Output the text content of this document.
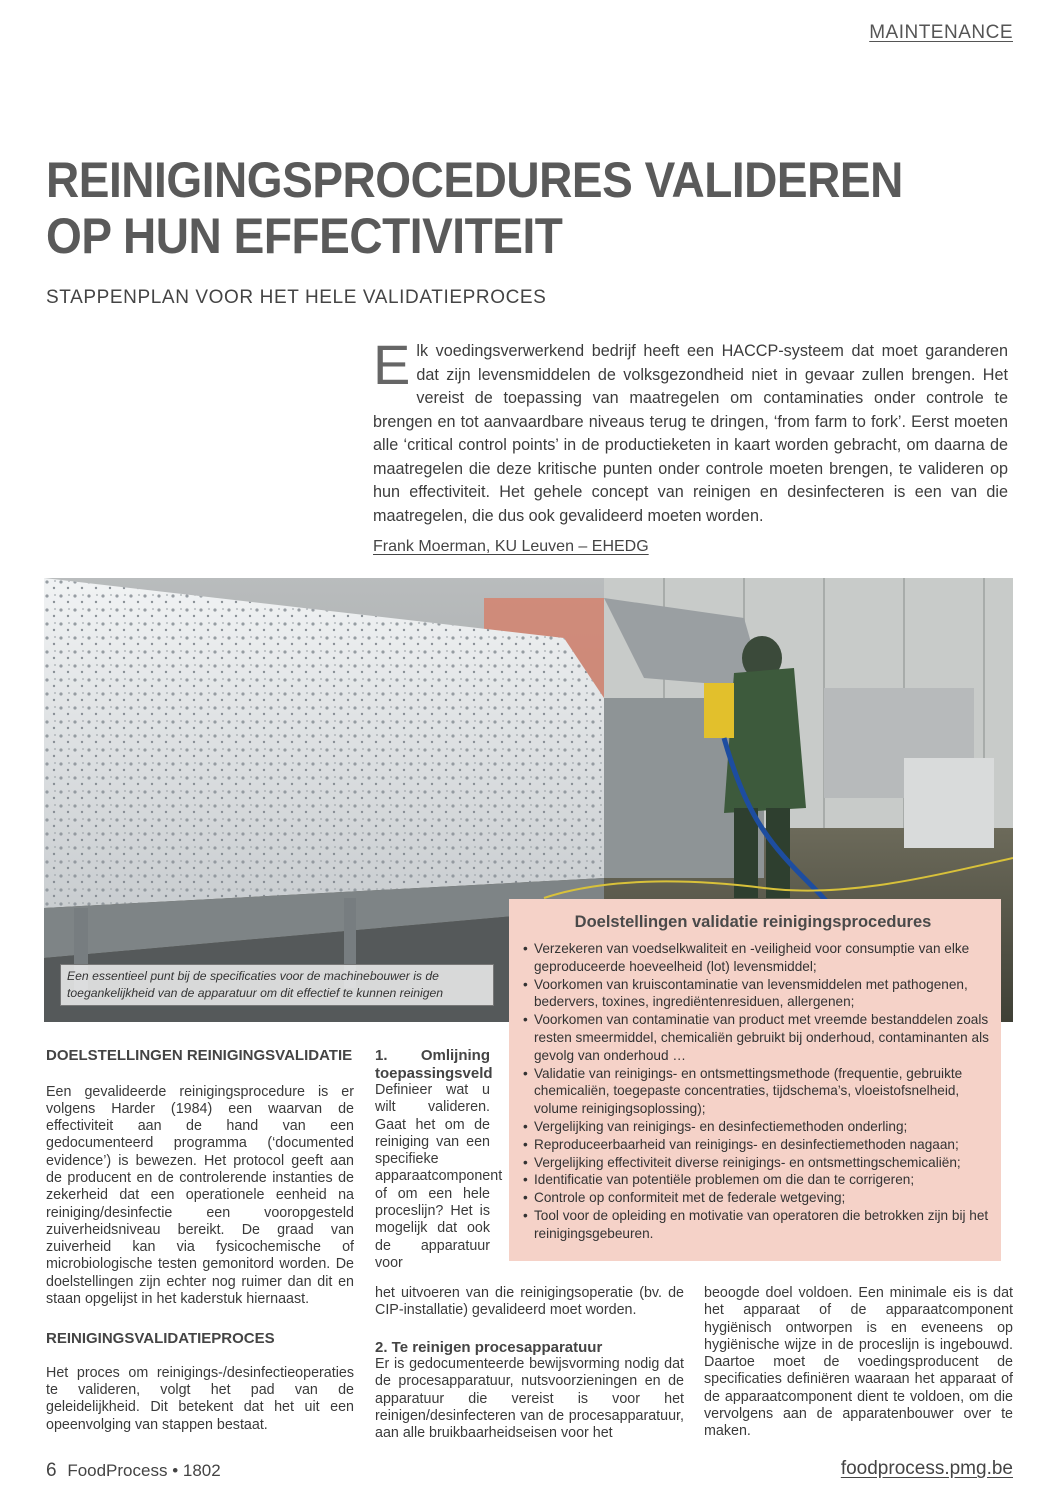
MAINTENANCE
REINIGINGSPROCEDURES VALIDEREN
OP HUN EFFECTIVITEIT
STAPPENPLAN VOOR HET HELE VALIDATIEPROCES

Elk voedingsverwerkend bedrijf heeft een HACCP-systeem dat moet garanderen dat zijn levensmiddelen de volksgezondheid niet in gevaar zullen brengen. Het vereist de toepassing van maatregelen om contaminaties onder controle te brengen en tot aanvaardbare niveaus terug te dringen, ‘from farm to fork’. Eerst moeten alle ‘critical control points’ in de productieketen in kaart worden gebracht, om daarna de maatregelen die deze kritische punten onder controle moeten brengen, te valideren op hun effectiviteit. Het gehele concept van reinigen en desinfecteren is een van die maatregelen, die dus ook gevalideerd moeten worden.

Frank Moerman, KU Leuven – EHEDG
Een essentieel punt bij de specificaties voor de machinebouwer is de toegankelijkheid van de apparatuur om dit effectief te kunnen reinigen
Doelstellingen validatie reinigingsprocedures
• Verzekeren van voedselkwaliteit en -veiligheid voor consumptie van elke geproduceerde hoeveelheid (lot) levensmiddel;
• Voorkomen van kruiscontaminatie van levensmiddelen met pathogenen, bedervers, toxines, ingrediëntenresiduen, allergenen;
• Voorkomen van contaminatie van product met vreemde bestanddelen zoals resten smeermiddel, chemicaliën gebruikt bij onderhoud, contaminanten als gevolg van onderhoud …
• Validatie van reinigings- en ontsmettingsmethode (frequentie, gebruikte chemicaliën, toegepaste concentraties, tijdschema’s, vloeistofsnelheid, volume reinigingsoplossing);
• Vergelijking van reinigings- en desinfectiemethoden onderling;
• Reproduceerbaarheid van reinigings- en desinfectiemethoden nagaan;
• Vergelijking effectiviteit diverse reinigings- en ontsmettingschemicaliën;
• Identificatie van potentiële problemen om die dan te corrigeren;
• Controle op conformiteit met de federale wetgeving;
• Tool voor de opleiding en motivatie van operatoren die betrokken zijn bij het reinigingsgebeuren.
DOELSTELLINGEN REINIGINGSVALIDATIE

Een gevalideerde reinigingsprocedure is er volgens Harder (1984) een waarvan de effectiviteit aan de hand van een gedocumenteerd programma (‘documented evidence’) is bewezen. Het protocol geeft aan de producent en de controlerende instanties de zekerheid dat een operationele eenheid na reiniging/desinfectie een vooropgesteld zuiverheidsniveau bereikt. De graad van zuiverheid kan via fysicochemische of microbiologische testen gemonitord worden. De doelstellingen zijn echter nog ruimer dan dit en staan opgelijst in het kaderstuk hiernaast.

REINIGINGSVALIDATIEPROCES

Het proces om reinigings-/desinfectieoperaties te valideren, volgt het pad van de geleidelijkheid. Dit betekent dat het uit een opeenvolging van stappen bestaat.

1. Omlijning toepassingsveld

Definieer wat u wilt valideren. Gaat het om de reiniging van een specifieke apparaatcomponent of om een hele proceslijn? Het is mogelijk dat ook de apparatuur voor

het uitvoeren van die reinigingsoperatie (bv. de CIP-installatie) gevalideerd moet worden.

2. Te reinigen procesapparatuur

Er is gedocumenteerde bewijsvorming nodig dat de procesapparatuur, nutsvoorzieningen en de apparatuur die vereist is voor het reinigen/desinfecteren van de procesapparatuur, aan alle bruikbaarheidseisen voor het

beoogde doel voldoen. Een minimale eis is dat het apparaat of de apparaatcomponent hygiënisch ontworpen is en eveneens op hygiënische wijze in de proceslijn is ingebouwd. Daartoe moet de voedingsproducent de specificaties definiëren waaraan het apparaat of de apparaatcomponent dient te voldoen, om die vervolgens aan de apparatenbouwer over te maken.

6 FoodProcess • 1802	foodprocess.pmg.be
